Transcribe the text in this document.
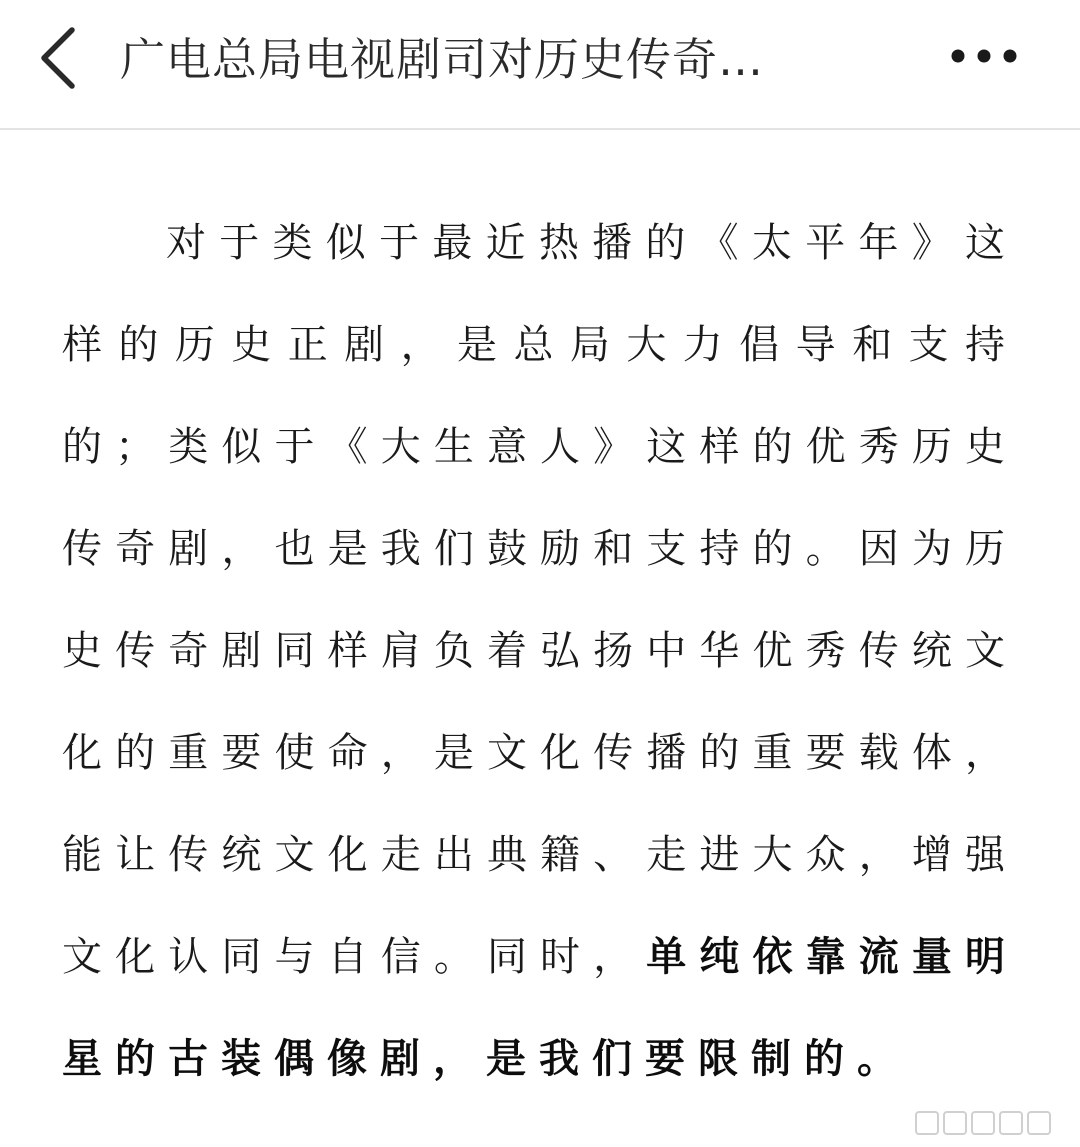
广电总局电视剧司对历史传奇…

对于类似于最近热播的《太平年》这样的历史正剧，是总局大力倡导和支持的；类似于《大生意人》这样的优秀历史传奇剧，也是我们鼓励和支持的。因为历史传奇剧同样肩负着弘扬中华优秀传统文化的重要使命，是文化传播的重要载体，能让传统文化走出典籍、走进大众，增强文化认同与自信。同时，单纯依靠流量明星的古装偶像剧，是我们要限制的。
